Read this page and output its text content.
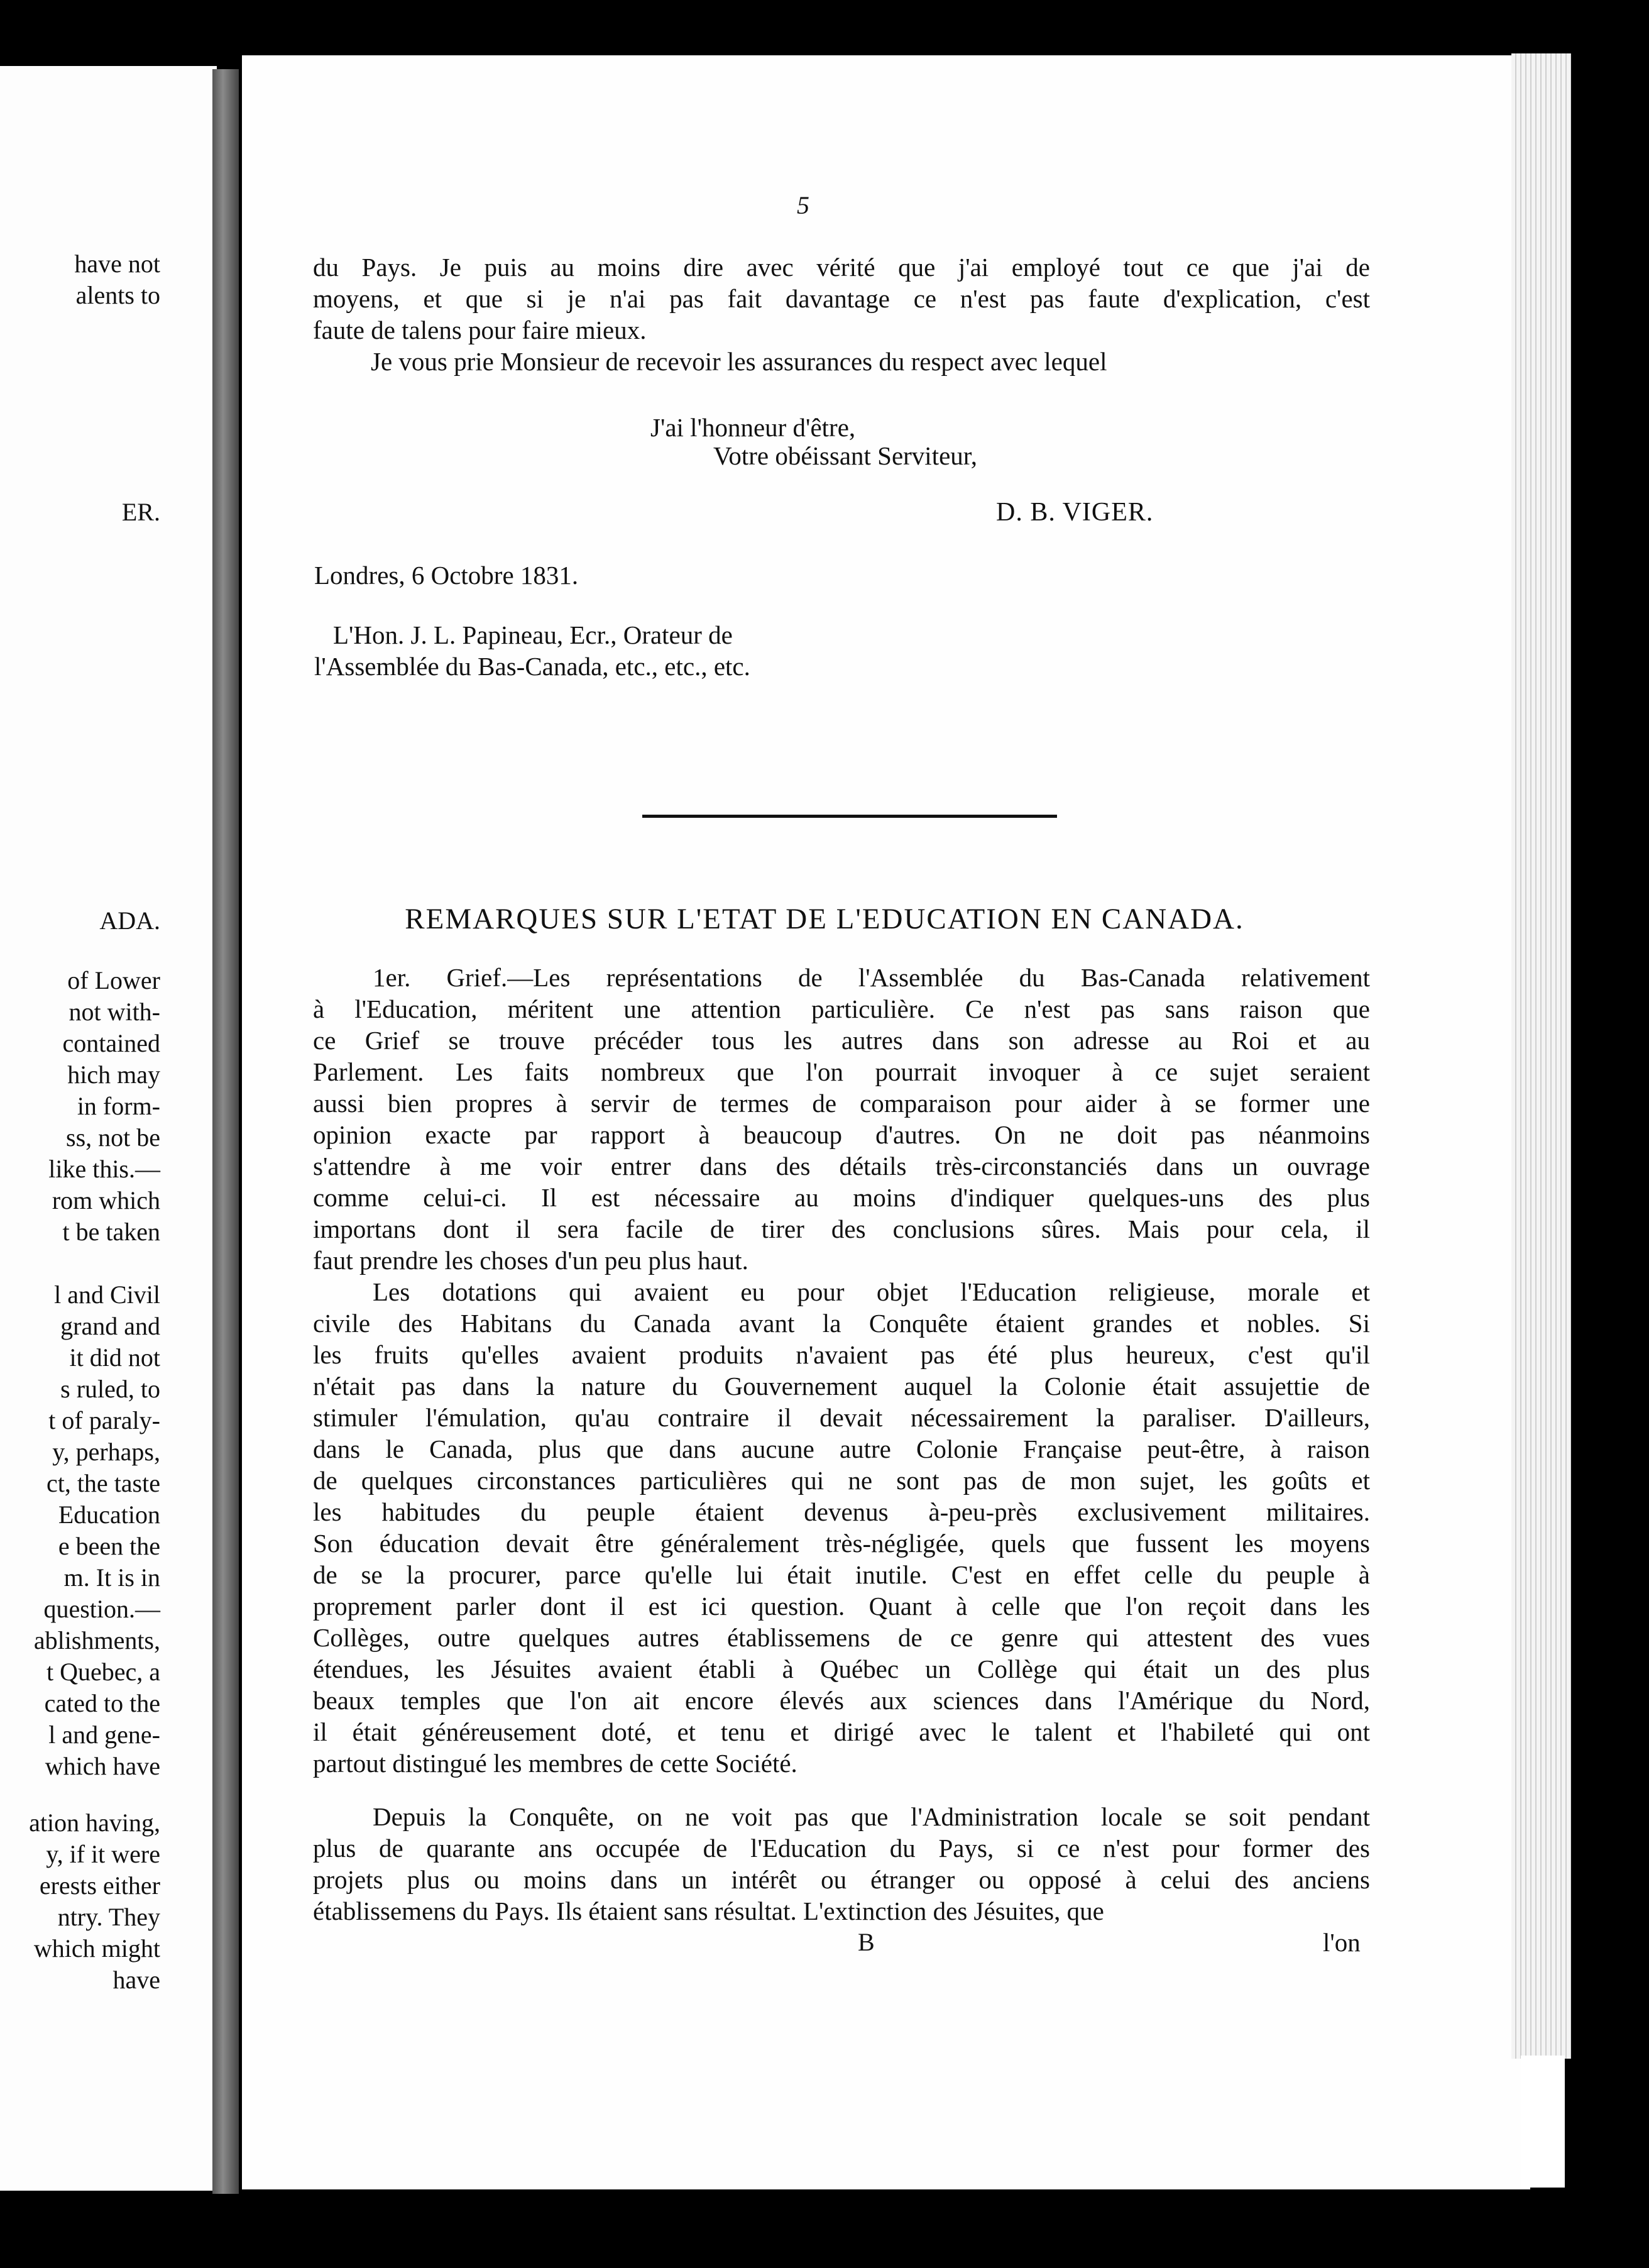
have not
alents to
ER.
ADA.
of Lower
not with-
contained
hich may
in form-
ss, not be
like this.—
rom which
t be taken
l and Civil
grand and
it did not
s ruled, to
t of paraly-
y, perhaps,
ct, the taste
Education
e been the
m. It is in
question.—
ablishments,
t Quebec, a
cated to the
l and gene-
which have
ation having,
y, if it were
erests either
ntry. They
which might
have
5

du Pays. Je puis au moins dire avec vérité que j'ai employé tout ce que j'ai de

moyens, et que si je n'ai pas fait davantage ce n'est pas faute d'explication, c'est

faute de talens pour faire mieux.

Je vous prie Monsieur de recevoir les assurances du respect avec lequel
J'ai l'honneur d'être,
Votre obéissant Serviteur,
D. B. VIGER.
Londres, 6 Octobre 1831.
L'Hon. J. L. Papineau, Ecr., Orateur de
l'Assemblée du Bas-Canada, etc., etc., etc.
REMARQUES SUR L'ETAT DE L'EDUCATION EN CANADA.

1er. Grief.—Les représentations de l'Assemblée du Bas-Canada relativement

à l'Education, méritent une attention particulière. Ce n'est pas sans raison que

ce Grief se trouve précéder tous les autres dans son adresse au Roi et au

Parlement. Les faits nombreux que l'on pourrait invoquer à ce sujet seraient

aussi bien propres à servir de termes de comparaison pour aider à se former une

opinion exacte par rapport à beaucoup d'autres. On ne doit pas néanmoins

s'attendre à me voir entrer dans des détails très-circonstanciés dans un ouvrage

comme celui-ci. Il est nécessaire au moins d'indiquer quelques-uns des plus

importans dont il sera facile de tirer des conclusions sûres. Mais pour cela, il

faut prendre les choses d'un peu plus haut.

Les dotations qui avaient eu pour objet l'Education religieuse, morale et

civile des Habitans du Canada avant la Conquête étaient grandes et nobles. Si

les fruits qu'elles avaient produits n'avaient pas été plus heureux, c'est qu'il

n'était pas dans la nature du Gouvernement auquel la Colonie était assujettie de

stimuler l'émulation, qu'au contraire il devait nécessairement la paraliser. D'ailleurs,

dans le Canada, plus que dans aucune autre Colonie Française peut-être, à raison

de quelques circonstances particulières qui ne sont pas de mon sujet, les goûts et

les habitudes du peuple étaient devenus à-peu-près exclusivement militaires.

Son éducation devait être généralement très-négligée, quels que fussent les moyens

de se la procurer, parce qu'elle lui était inutile. C'est en effet celle du peuple à

proprement parler dont il est ici question. Quant à celle que l'on reçoit dans les

Collèges, outre quelques autres établissemens de ce genre qui attestent des vues

étendues, les Jésuites avaient établi à Québec un Collège qui était un des plus

beaux temples que l'on ait encore élevés aux sciences dans l'Amérique du Nord,

il était généreusement doté, et tenu et dirigé avec le talent et l'habileté qui ont

partout distingué les membres de cette Société.

Depuis la Conquête, on ne voit pas que l'Administration locale se soit pendant

plus de quarante ans occupée de l'Education du Pays, si ce n'est pour former des

projets plus ou moins dans un intérêt ou étranger ou opposé à celui des anciens

établissemens du Pays. Ils étaient sans résultat. L'extinction des Jésuites, que

B	l'on
